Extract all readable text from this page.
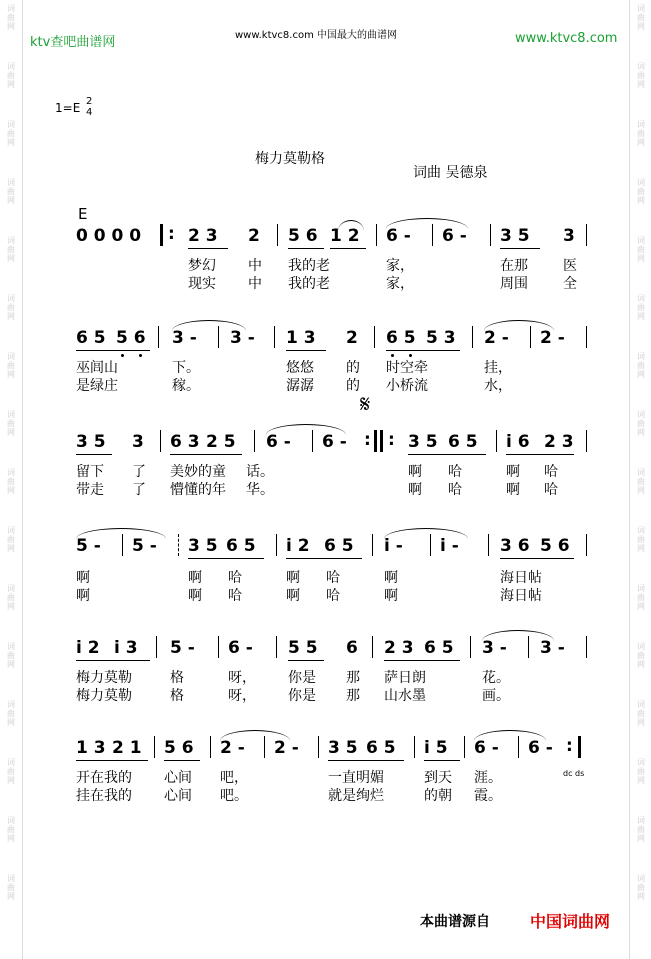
词
曲
网
词
曲
网
词
曲
网
词
曲
网
词
曲
网
词
曲
网
词
曲
网
词
曲
网
词
曲
网
词
曲
网
词
曲
网
词
曲
网
词
曲
网
词
曲
网
词
曲
网
词
曲
网
词
曲
网
词
曲
网
词
曲
网
词
曲
网
词
曲
网
词
曲
网
词
曲
网
词
曲
网
词
曲
网
词
曲
网
词
曲
网
词
曲
网
词
曲
网
词
曲
网
词
曲
网
词
曲
网
ktv查吧曲谱网	www.ktvc8.com 中国最大的曲谱网	www.ktvc8.com
1=E 2
4
梅力莫勒格
词曲 吴德泉
E
0 0 0 0 : 2 3 2 5 6 1 2 6 - 6 - 3 5 3
梦幻 中 我的老	家，	在那	医
现实 中 我的老	家，	周围	全
6 5 5 6 3 - 3 - 1 3 2 6 5 5 3 2 - 2 -
巫闾山	下。	悠悠 的 时空牵	挂，
是绿庄	稼。	潺潺 的 小桥流	水，
𝄋
3 5 3 6 3 2 5 6 - 6 - : : 3 5 6 5 i 6 2 3
留下 了 美妙的童 话。	啊 哈	啊 哈
带走 了 懵懂的年 华。	啊 哈	啊 哈
5 - 5 - 3 5 6 5 i 2 6 5 i - i - 3 6 5 6
啊	啊 哈	啊 哈	啊	海日帖
啊	啊 哈	啊 哈	啊	海日帖
i 2 i 3 5 - 6 - 5 5 6 2 3 6 5 3 - 3 -
梅力莫勒	格	呀， 你是 那 萨日朗	花。
梅力莫勒	格	呀， 你是 那 山水墨	画。
1 3 2 1 5 6 2 - 2 - 3 5 6 5 i 5 6 - 6 - :
开在我的 心间 吧，	一直明媚	到天 涯。
挂在我的 心间 吧。	就是绚烂	的朝 霞。
dc ds
本曲谱源自	中国词曲网
